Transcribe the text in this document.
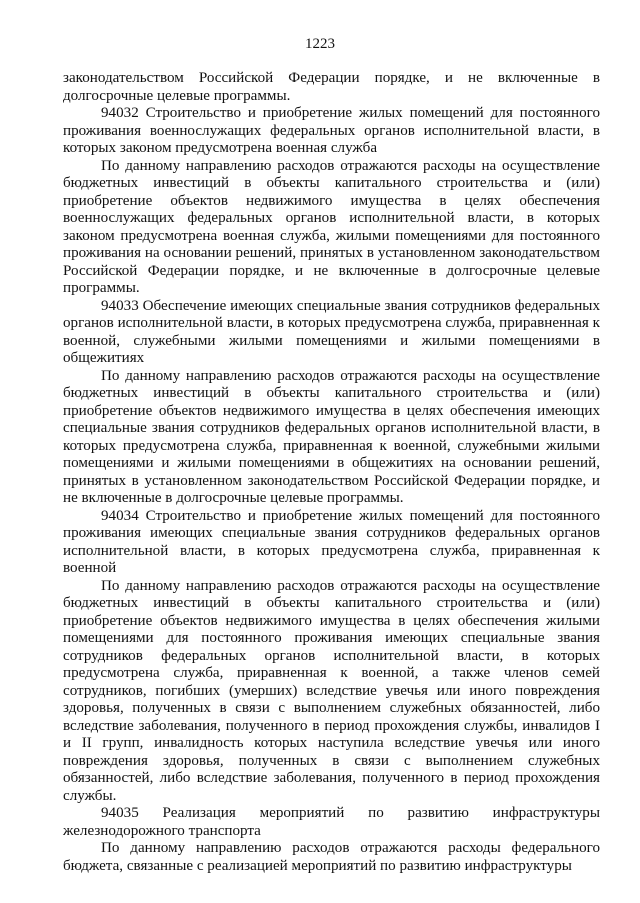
1223

законодательством Российской Федерации порядке, и не включенные в долгосрочные целевые программы.

94032 Строительство и приобретение жилых помещений для постоянного проживания военнослужащих федеральных органов исполнительной власти, в которых законом предусмотрена военная служба

По данному направлению расходов отражаются расходы на осуществление бюджетных инвестиций в объекты капитального строительства и (или) приобретение объектов недвижимого имущества в целях обеспечения военнослужащих федеральных органов исполнительной власти, в которых законом предусмотрена военная служба, жилыми помещениями для постоянного проживания на основании решений, принятых в установленном законодательством Российской Федерации порядке, и не включенные в долгосрочные целевые программы.

94033 Обеспечение имеющих специальные звания сотрудников федеральных органов исполнительной власти, в которых предусмотрена служба, приравненная к военной, служебными жилыми помещениями и жилыми помещениями в общежитиях

По данному направлению расходов отражаются расходы на осуществление бюджетных инвестиций в объекты капитального строительства и (или) приобретение объектов недвижимого имущества в целях обеспечения имеющих специальные звания сотрудников федеральных органов исполнительной власти, в которых предусмотрена служба, приравненная к военной, служебными жилыми помещениями и жилыми помещениями в общежитиях на основании решений, принятых в установленном законодательством Российской Федерации порядке, и не включенные в долгосрочные целевые программы.

94034 Строительство и приобретение жилых помещений для постоянного проживания имеющих специальные звания сотрудников федеральных органов исполнительной власти, в которых предусмотрена служба, приравненная к военной

По данному направлению расходов отражаются расходы на осуществление бюджетных инвестиций в объекты капитального строительства и (или) приобретение объектов недвижимого имущества в целях обеспечения жилыми помещениями для постоянного проживания имеющих специальные звания сотрудников федеральных органов исполнительной власти, в которых предусмотрена служба, приравненная к военной, а также членов семей сотрудников, погибших (умерших) вследствие увечья или иного повреждения здоровья, полученных в связи с выполнением служебных обязанностей, либо вследствие заболевания, полученного в период прохождения службы, инвалидов I и II групп, инвалидность которых наступила вследствие увечья или иного повреждения здоровья, полученных в связи с выполнением служебных обязанностей, либо вследствие заболевания, полученного в период прохождения службы.

94035 Реализация мероприятий по развитию инфраструктуры железнодорожного транспорта

По данному направлению расходов отражаются расходы федерального бюджета, связанные с реализацией мероприятий по развитию инфраструктуры
